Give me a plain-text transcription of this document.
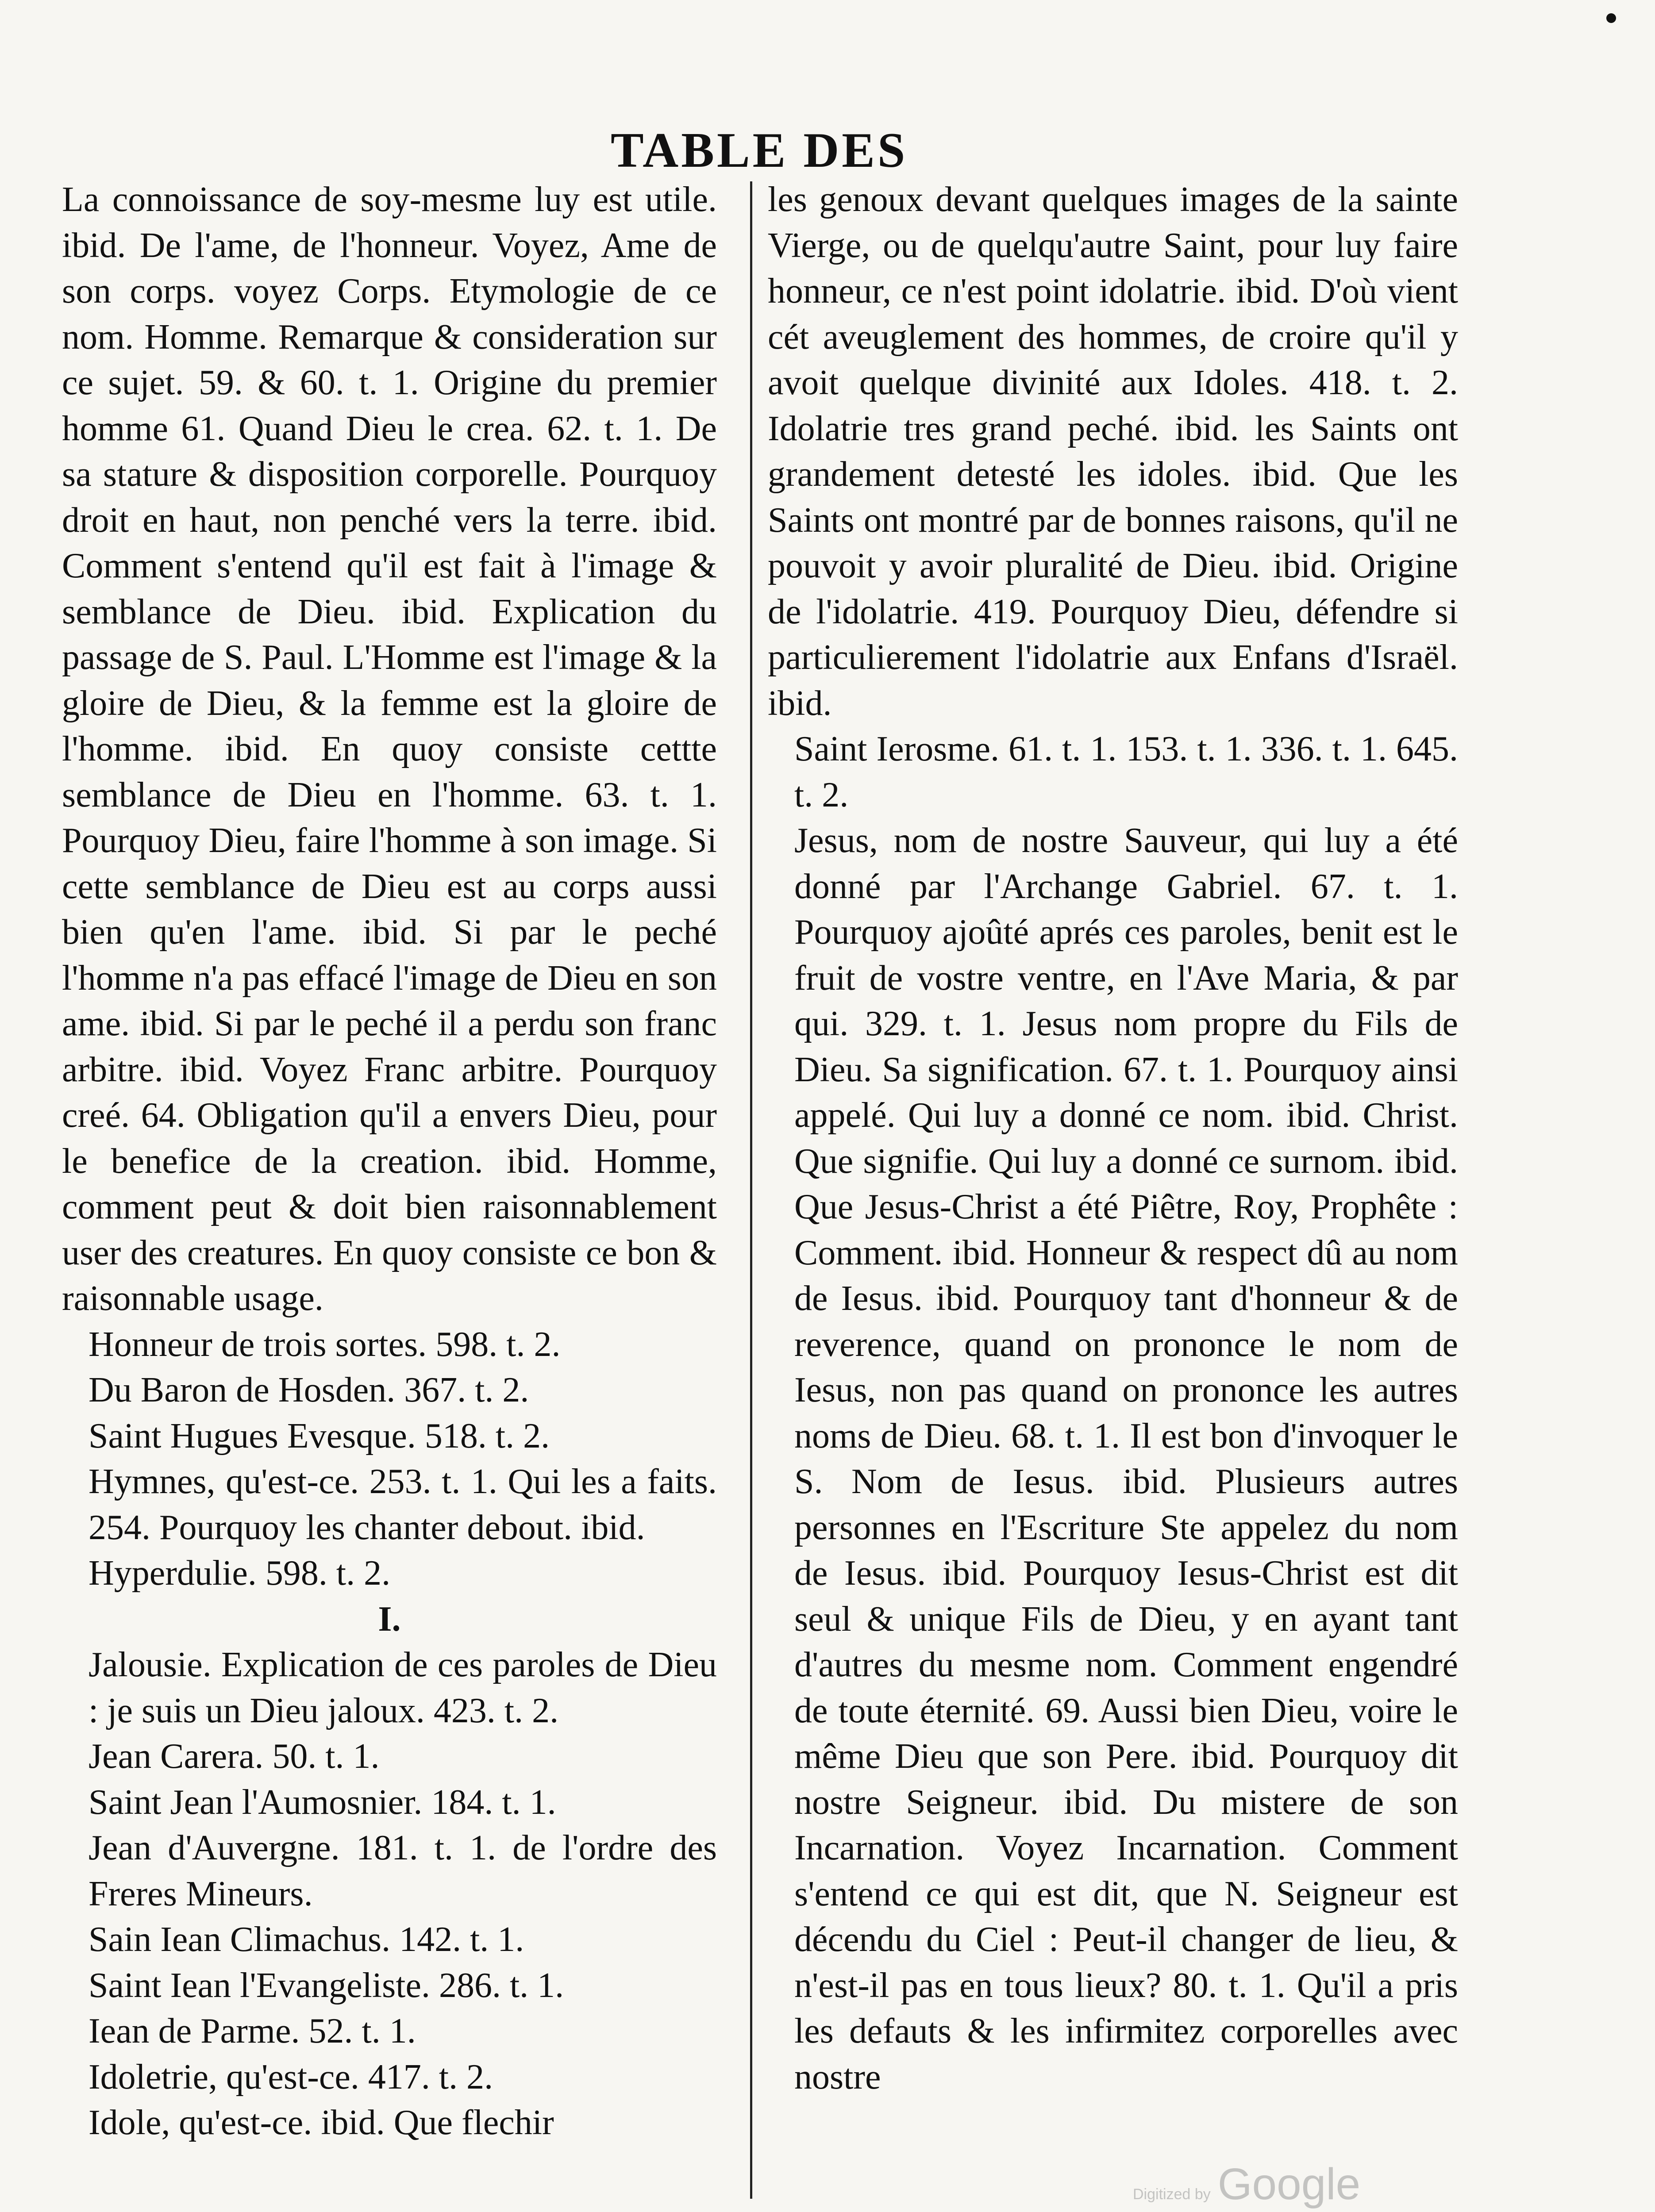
TABLE DES

La connoissance de soy-mesme luy est utile. ibid. De l'ame, de l'honneur. Voyez, Ame de son corps. voyez Corps. Etymologie de ce nom. Homme. Remarque & consideration sur ce sujet. 59. & 60. t. 1. Origine du premier homme 61. Quand Dieu le crea. 62. t. 1. De sa stature & disposition corporelle. Pourquoy droit en haut, non penché vers la terre. ibid. Comment s'entend qu'il est fait à l'image & semblance de Dieu. ibid. Explication du passage de S. Paul. L'Homme est l'image & la gloire de Dieu, & la femme est la gloire de l'homme. ibid. En quoy consiste cettte semblance de Dieu en l'homme. 63. t. 1. Pourquoy Dieu, faire l'homme à son image. Si cette semblance de Dieu est au corps aussi bien qu'en l'ame. ibid. Si par le peché l'homme n'a pas effacé l'image de Dieu en son ame. ibid. Si par le peché il a perdu son franc arbitre. ibid. Voyez Franc arbitre. Pourquoy creé. 64. Obligation qu'il a envers Dieu, pour le benefice de la creation. ibid. Homme, comment peut & doit bien raisonnablement user des creatures. En quoy consiste ce bon & raisonnable usage.

Honneur de trois sortes. 598. t. 2.

Du Baron de Hosden. 367. t. 2.

Saint Hugues Evesque. 518. t. 2.

Hymnes, qu'est-ce. 253. t. 1. Qui les a faits. 254. Pourquoy les chanter debout. ibid.

Hyperdulie. 598. t. 2.

I.

Jalousie. Explication de ces paroles de Dieu : je suis un Dieu jaloux. 423. t. 2.

Jean Carera. 50. t. 1.

Saint Jean l'Aumosnier. 184. t. 1.

Jean d'Auvergne. 181. t. 1. de l'ordre des Freres Mineurs.

Sain Iean Climachus. 142. t. 1.

Saint Iean l'Evangeliste. 286. t. 1.

Iean de Parme. 52. t. 1.

Idoletrie, qu'est-ce. 417. t. 2.

Idole, qu'est-ce. ibid. Que flechir

les genoux devant quelques images de la sainte Vierge, ou de quelqu'autre Saint, pour luy faire honneur, ce n'est point idolatrie. ibid. D'où vient cét aveuglement des hommes, de croire qu'il y avoit quelque divinité aux Idoles. 418. t. 2. Idolatrie tres grand peché. ibid. les Saints ont grandement detesté les idoles. ibid. Que les Saints ont montré par de bonnes raisons, qu'il ne pouvoit y avoir pluralité de Dieu. ibid. Origine de l'idolatrie. 419. Pourquoy Dieu, défendre si particulierement l'idolatrie aux Enfans d'Israël. ibid.

Saint Ierosme. 61. t. 1. 153. t. 1. 336. t. 1. 645. t. 2.

Jesus, nom de nostre Sauveur, qui luy a été donné par l'Archange Gabriel. 67. t. 1. Pourquoy ajoûté aprés ces paroles, benit est le fruit de vostre ventre, en l'Ave Maria, & par qui. 329. t. 1. Jesus nom propre du Fils de Dieu. Sa signification. 67. t. 1. Pourquoy ainsi appelé. Qui luy a donné ce nom. ibid. Christ. Que signifie. Qui luy a donné ce surnom. ibid. Que Jesus-Christ a été Piêtre, Roy, Prophête : Comment. ibid. Honneur & respect dû au nom de Iesus. ibid. Pourquoy tant d'honneur & de reverence, quand on prononce le nom de Iesus, non pas quand on prononce les autres noms de Dieu. 68. t. 1. Il est bon d'invoquer le S. Nom de Iesus. ibid. Plusieurs autres personnes en l'Escriture Ste appelez du nom de Iesus. ibid. Pourquoy Iesus-Christ est dit seul & unique Fils de Dieu, y en ayant tant d'autres du mesme nom. Comment engendré de toute éternité. 69. Aussi bien Dieu, voire le même Dieu que son Pere. ibid. Pourquoy dit nostre Seigneur. ibid. Du mistere de son Incarnation. Voyez Incarnation. Comment s'entend ce qui est dit, que N. Seigneur est décendu du Ciel : Peut-il changer de lieu, & n'est-il pas en tous lieux? 80. t. 1. Qu'il a pris les defauts & les infirmitez corporelles avec nostre

Digitized by Google
